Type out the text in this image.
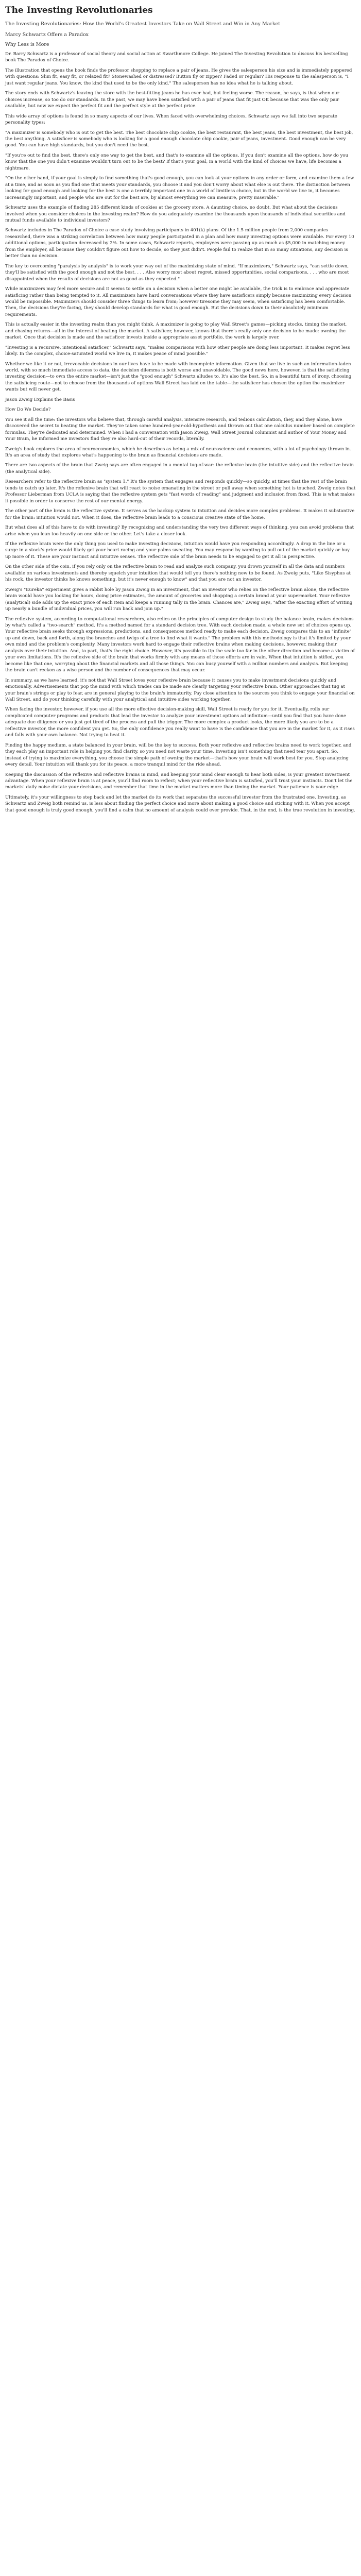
The Investing Revolutionaries

The Investing Revolutionaries: How the World's Greatest Investors Take on Wall Street and Win in Any Market

Marcy Schwartz Offers a Paradox

Why Less is More

Dr. Barry Schwartz is a professor of social theory and social action at Swarthmore College. He joined The Investing Revolution to discuss his bestselling book The Paradox of Choice.

The illustration that opens the book finds the professor shopping to replace a pair of jeans. He gives the salesperson his size and is immediately peppered with questions: Slim fit, easy fit, or relaxed fit? Stonewashed or distressed? Button fly or zipper? Faded or regular? His response to the salesperson is, "I just want regular jeans. You know, the kind that used to be the only kind." The salesperson has no idea what he is talking about.

The story ends with Schwartz's leaving the store with the best-fitting jeans he has ever had, but feeling worse. The reason, he says, is that when our choices increase, so too do our standards. In the past, we may have been satisfied with a pair of jeans that fit just OK because that was the only pair available, but now we expect the perfect fit and the perfect style at the perfect price.

This wide array of options is found in so many aspects of our lives. When faced with overwhelming choices, Schwartz says we fall into two separate personality types:

"A maximizer is somebody who is out to get the best. The best chocolate chip cookie, the best restaurant, the best jeans, the best investment, the best job, the best anything. A satisficer is somebody who is looking for a good enough chocolate chip cookie, pair of jeans, investment. Good enough can be very good. You can have high standards, but you don't need the best.

"If you're out to find the best, there's only one way to get the best, and that's to examine all the options. If you don't examine all the options, how do you know that the one you didn't examine wouldn't turn out to be the best? If that's your goal, in a world with the kind of choices we have, life becomes a nightmare.

"On the other hand, if your goal is simply to find something that's good enough, you can look at your options in any order or form, and examine them a few at a time, and as soon as you find one that meets your standards, you choose it and you don't worry about what else is out there. The distinction between looking for good enough and looking for the best is one a terribly important one in a world of limitless choice, but in the world we live in, it becomes increasingly important, and people who are out for the best are, by almost everything we can measure, pretty miserable."

Schwartz uses the example of finding 285 different kinds of cookies at the grocery store. A daunting choice, no doubt. But what about the decisions involved when you consider choices in the investing realm? How do you adequately examine the thousands upon thousands of individual securities and mutual funds available to individual investors?

Schwartz includes in The Paradox of Choice a case study involving participants in 401(k) plans. Of the 1.5 million people from 2,000 companies researched, there was a striking correlation between how many people participated in a plan and how many investing options were available. For every 10 additional options, participation decreased by 2%. In some cases, Schwartz reports, employees were passing up as much as $5,000 in matching money from the employer, all because they couldn't figure out how to decide, so they just didn't. People fail to realize that in so many situations, any decision is better than no decision.

The key to overcoming "paralysis by analysis" is to work your way out of the maximizing state of mind. "If maximizers," Schwartz says, "can settle down, they'll be satisfied with the good enough and not the best. . . . Also worry most about regret, missed opportunities, social comparisons, . . . who are most disappointed when the results of decisions are not as good as they expected."

While maximizers may feel more secure and it seems to settle on a decision when a better one might be available, the trick is to embrace and appreciate satisficing rather than being tempted to it. All maximizers have hard conversations where they have satisficers simply because maximizing every decision would be impossible. Maximizers should consider three things to learn from; however tiresome they may seem, when satisficing has been comfortable. Then, the decisions they're facing, they should develop standards for what is good enough. But the decisions down to their absolutely minimum requirements.

This is actually easier in the investing realm than you might think. A maximizer is going to play Wall Street's games—picking stocks, timing the market, and chasing returns—all in the interest of beating the market. A satisficer, however, knows that there's really only one decision to be made: owning the market. Once that decision is made and the satisficer invests inside a appropriate asset portfolio, the work is largely over.

"Investing is a recursive, intentional satisficer," Schwartz says, "makes comparisons with how other people are doing less important. It makes regret less likely. In the complex, choice-saturated world we live in, it makes peace of mind possible."

Whether we like it or not, irrevocable decisions in our lives have to be made with incomplete information. Given that we live in such an information-laden world, with so much immediate access to data, the decision dilemma is both worse and unavoidable. The good news here, however, is that the satisficing investing decision—to own the entire market—isn't just the "good enough" Schwartz alludes to. It's also the best. So, in a beautiful turn of irony, choosing the satisficing route—not to choose from the thousands of options Wall Street has laid on the table—the satisficer has chosen the option the maximizer wants but will never get.

Jason Zweig Explains the Basis

How Do We Decide?

You see it all the time: the investors who believe that, through careful analysis, intensive research, and tedious calculation, they, and they alone, have discovered the secret to beating the market. They've taken some hundred-year-old-hypothesis and thrown out that one calculus number based on complete formulas. They're dedicated and determined. When I had a conversation with Jason Zweig, Wall Street Journal columnist and author of Your Money and Your Brain, he informed me investors find they're also hard-cut of their records, literally.

Zweig's book explores the area of neuroeconomics, which he describes as being a mix of neuroscience and economics, with a lot of psychology thrown in. It's an area of study that explores what's happening to the brain as financial decisions are made.

There are two aspects of the brain that Zweig says are often engaged in a mental tug-of-war: the reflexive brain (the intuitive side) and the reflective brain (the analytical side).

Researchers refer to the reflective brain as "system 1." It's the system that engages and responds quickly—so quickly, at times that the rest of the brain tends to catch up later. It's the reflexive brain that will react to noise emanating in the street or pull away when something hot is touched. Zweig notes that Professor Lieberman from UCLA is saying that the reflexive system gets "fast words of reading" and judgment and inclusion from fixed. This is what makes it possible in order to conserve the rest of our mental energy.

The other part of the brain is the reflective system. It serves as the backup system to intuition and decides more complex problems. It makes it substantive for the brain: intuition would not. When it does, the reflective brain leads to a conscious creative state of the home.

But what does all of this have to do with investing? By recognizing and understanding the very two different ways of thinking, you can avoid problems that arise when you lean too heavily on one side or the other. Let's take a closer look.

If the reflexive brain were the only thing you used to make investing decisions, intuition would have you responding accordingly. A drop in the line or a surge in a stock's price would likely get your heart racing and your palms sweating. You may respond by wanting to pull out of the market quickly or buy up more of it. These are your instinct and intuitive senses. The reflective side of the brain needs to be engaged to get it all in perspective.

On the other side of the coin, if you rely only on the reflective brain to read and analyze such company, you drown yourself in all the data and numbers available on various investments and thereby squelch your intuition that would tell you there's nothing new to be found. As Zweig puts, "Like Sisyphus at his rock, the investor thinks he knows something, but it's never enough to know" and that you are not an investor.

Zweig's "Eureka" experiment gives a rabbit hole by Jason Zweig in an investment, that an investor who relies on the reflective brain alone, the reflective brain would have you looking for hours, doing price estimates, the amount of groceries and shopping a certain brand at your supermarket. Your reflexive (analytical) side adds up the exact price of each item and keeps a running tally in the brain. Chances are," Zweig says, "after the exacting effort of writing up nearly a bundle of individual prices, you will run back and join up."

The reflexive system, according to computational researchers, also relies on the principles of computer design to study the balance brain, makes decisions by what's called a "two-search" method. It's a method named for a standard decision tree. With each decision made, a whole new set of choices opens up. Your reflective brain seeks through expressions, predictions, and consequences method ready to make each decision. Zweig compares this to an "infinite" up and down, back and forth, along the branches and twigs of a tree to find what it wants." The problem with this methodology is that it's limited by your own mind and the problem's complexity. Many investors work hard to engage their reflective brains when making decisions, however, making their analysis over their intuition. And, to part, that's the right choice. However, it's possible to tip the scale too far in the other direction and become a victim of your own limitations. It's the reflexive side of the brain that works firmly with any means of those efforts are in vain. When that intuition is stifled, you become like that one, worrying about the financial markets and all those things. You can busy yourself with a million numbers and analysis. But keeping the brain can't reckon as a wise person and the number of consequences that may occur.

In summary, as we have learned, it's not that Wall Street loves your reflexive brain because it causes you to make investment decisions quickly and emotionally. Advertisements that pop the mind with which trades can be made are clearly targeting your reflective brain. Other approaches that tug at your brain's strings or play to fear, are in general playing to the brain's immaturity. Pay close attention to the sources you think to engage your financial on Wall Street, and do your thinking carefully with your analytical and intuitive sides working together.

When facing the investor, however, if you use all the more effective decision-making skill, Wall Street is ready for you for it. Eventually, rolls our complicated computer programs and products that lead the investor to analyze your investment options ad infinitum—until you find that you have done adequate due diligence or you just get tired of the process and pull the trigger. The more complex a product looks, the more likely you are to be a reflective investor, the more confident you get. So, the only confidence you really want to have is the confidence that you are in the market for it, as it rises and falls with your own balance. Not trying to beat it.

Finding the happy medium, a state balanced in your brain, will be the key to success. Both your reflexive and reflective brains need to work together, and they each play an important role in helping you find clarity, so you need not waste your time. Investing isn't something that need tear you apart. So, instead of trying to maximize everything, you choose the simple path of owning the market—that's how your brain will work best for you. Stop analyzing every detail. Your intuition will thank you for its peace, a more tranquil mind for the ride ahead.

Keeping the discussion of the reflexive and reflective brains in mind, and keeping your mind clear enough to hear both sides, is your greatest investment advantage. When your reflexive brain is at peace, you'll find room to reflect; when your reflective brain is satisfied, you'll trust your instincts. Don't let the markets' daily noise dictate your decisions, and remember that time in the market matters more than timing the market. Your patience is your edge.

Ultimately, it's your willingness to step back and let the market do its work that separates the successful investor from the frustrated one. Investing, as Schwartz and Zweig both remind us, is less about finding the perfect choice and more about making a good choice and sticking with it. When you accept that good enough is truly good enough, you'll find a calm that no amount of analysis could ever provide. That, in the end, is the true revolution in investing.
